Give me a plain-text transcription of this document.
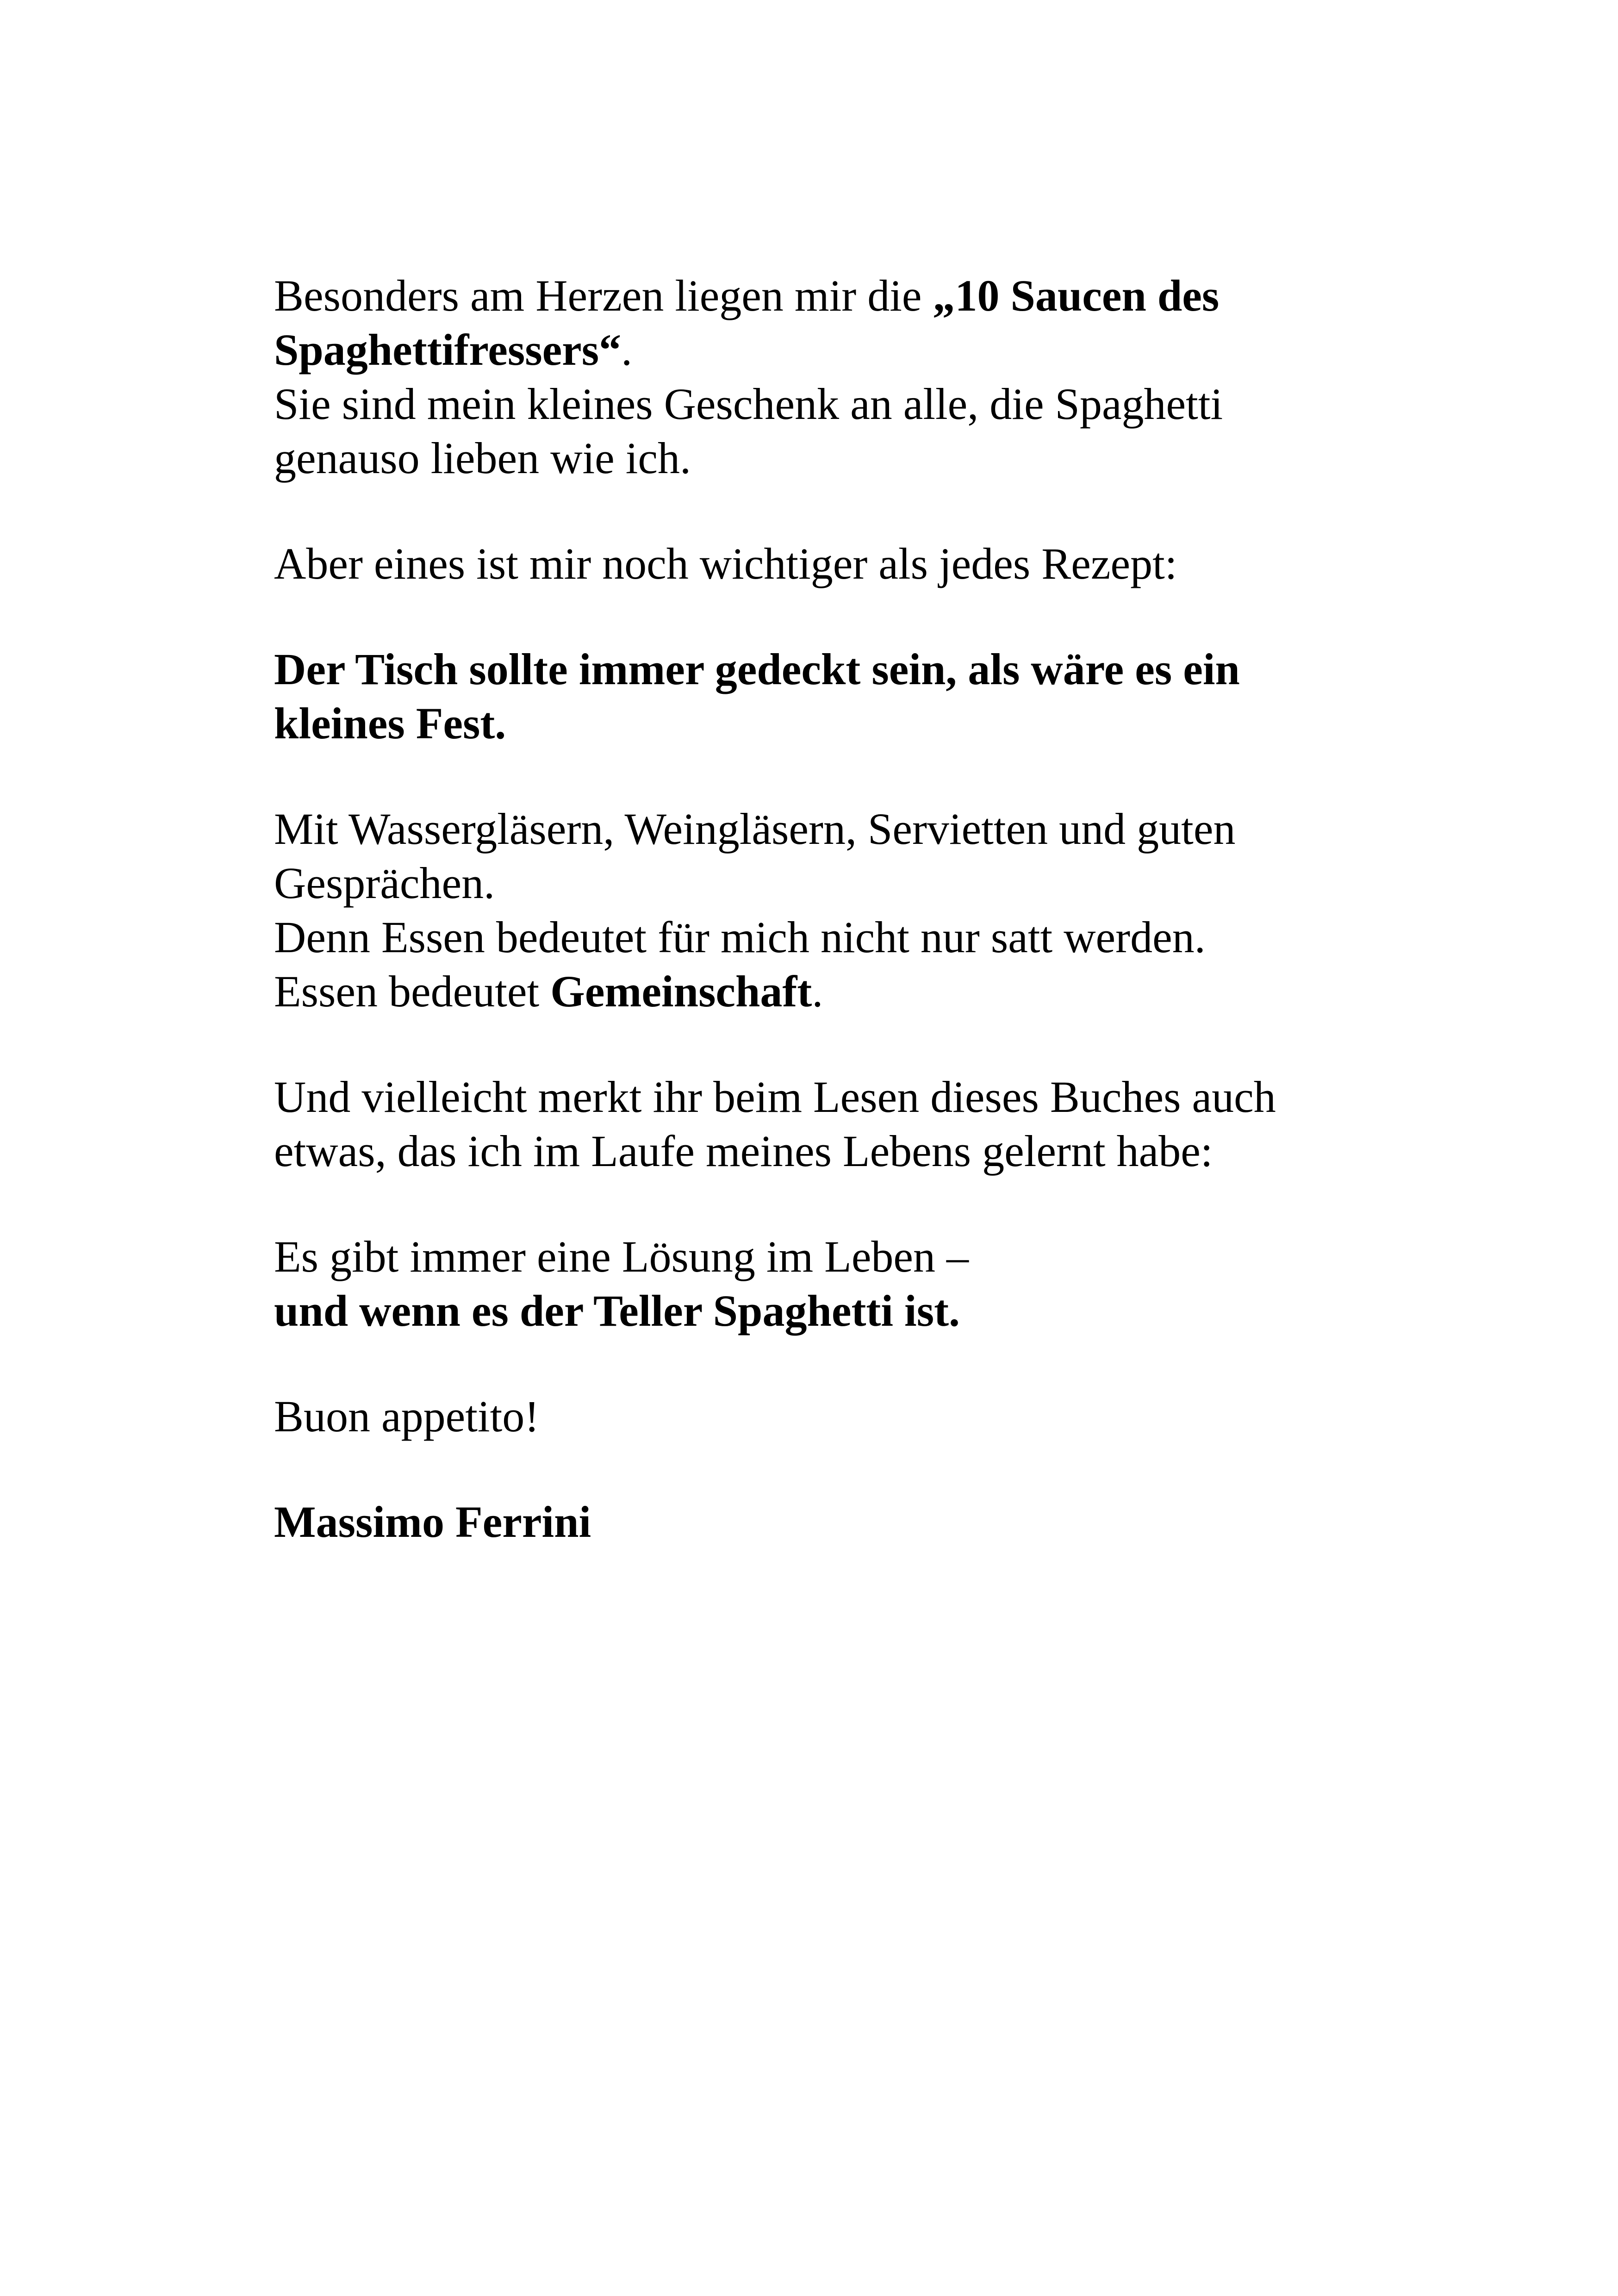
Besonders am Herzen liegen mir die „10 Saucen des

Spaghettifressers“.

Sie sind mein kleines Geschenk an alle, die Spaghetti

genauso lieben wie ich.

Aber eines ist mir noch wichtiger als jedes Rezept:

Der Tisch sollte immer gedeckt sein, als wäre es ein

kleines Fest.

Mit Wassergläsern, Weingläsern, Servietten und guten

Gesprächen.

Denn Essen bedeutet für mich nicht nur satt werden.

Essen bedeutet Gemeinschaft.

Und vielleicht merkt ihr beim Lesen dieses Buches auch

etwas, das ich im Laufe meines Lebens gelernt habe:

Es gibt immer eine Lösung im Leben –

und wenn es der Teller Spaghetti ist.

Buon appetito!

Massimo Ferrini
